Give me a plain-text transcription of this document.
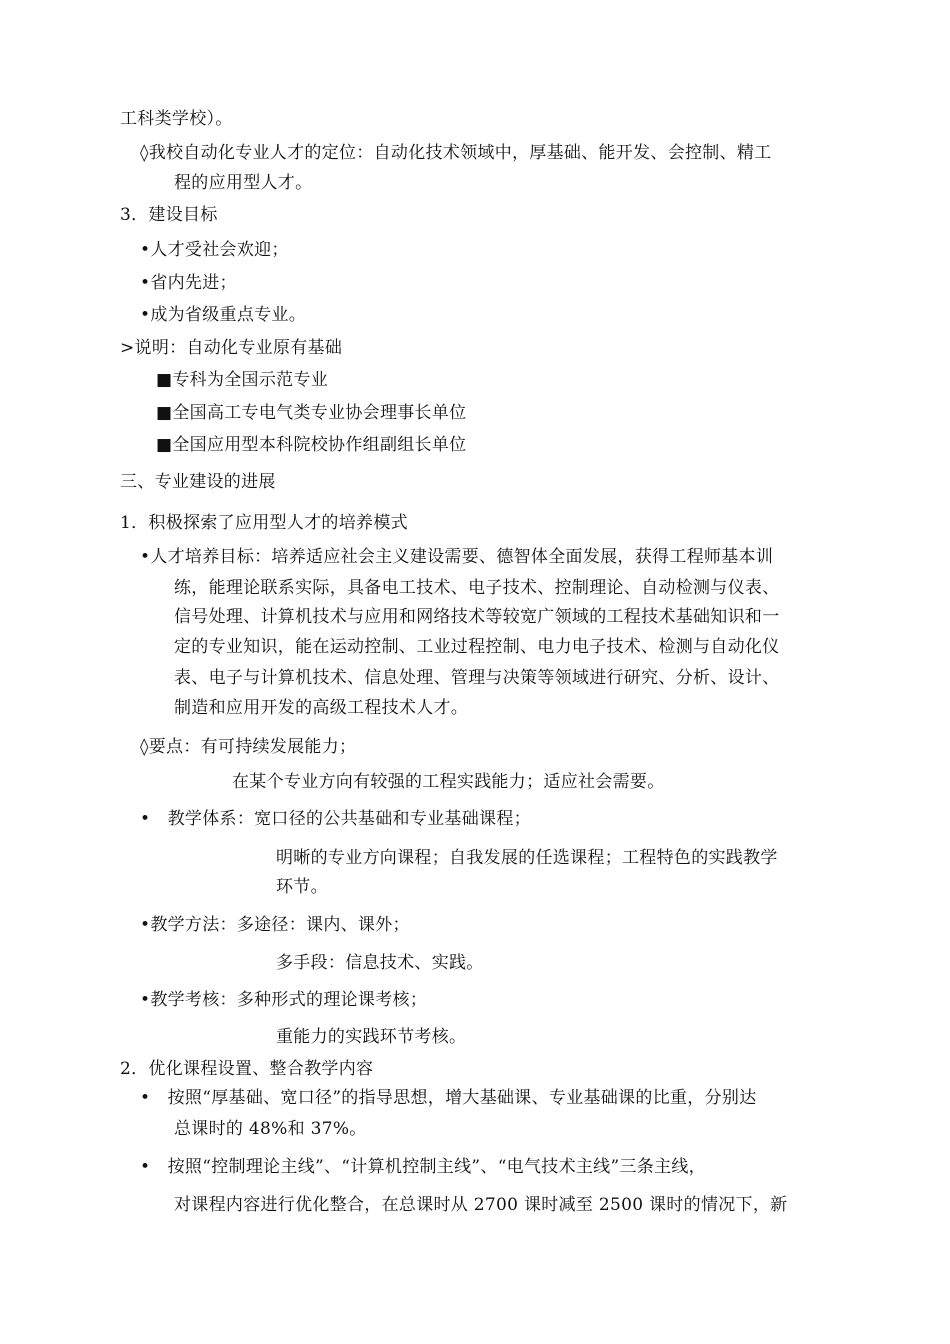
工科类学校）。
◊我校自动化专业人才的定位：自动化技术领域中，厚基础、能开发、会控制、精工
程的应用型人才。
3．建设目标
•人才受社会欢迎；
•省内先进；
•成为省级重点专业。
>说明：自动化专业原有基础
■专科为全国示范专业
■全国高工专电气类专业协会理事长单位
■全国应用型本科院校协作组副组长单位
三、专业建设的进展
1．积极探索了应用型人才的培养模式
•人才培养目标：培养适应社会主义建设需要、德智体全面发展，获得工程师基本训
练，能理论联系实际，具备电工技术、电子技术、控制理论、自动检测与仪表、
信号处理、计算机技术与应用和网络技术等较宽广领域的工程技术基础知识和一
定的专业知识，能在运动控制、工业过程控制、电力电子技术、检测与自动化仪
表、电子与计算机技术、信息处理、管理与决策等领域进行研究、分析、设计、
制造和应用开发的高级工程技术人才。
◊要点：有可持续发展能力；
在某个专业方向有较强的工程实践能力；适应社会需要。
•　教学体系：宽口径的公共基础和专业基础课程；
明晰的专业方向课程；自我发展的任选课程；工程特色的实践教学
环节。
•教学方法：多途径：课内、课外；
多手段：信息技术、实践。
•教学考核：多种形式的理论课考核；
重能力的实践环节考核。
2．优化课程设置、整合教学内容
•　按照“厚基础、宽口径”的指导思想，增大基础课、专业基础课的比重，分别达
总课时的 48%和 37%。
•　按照“控制理论主线”、“计算机控制主线”、“电气技术主线”三条主线，
对课程内容进行优化整合，在总课时从 2700 课时减至 2500 课时的情况下，新
